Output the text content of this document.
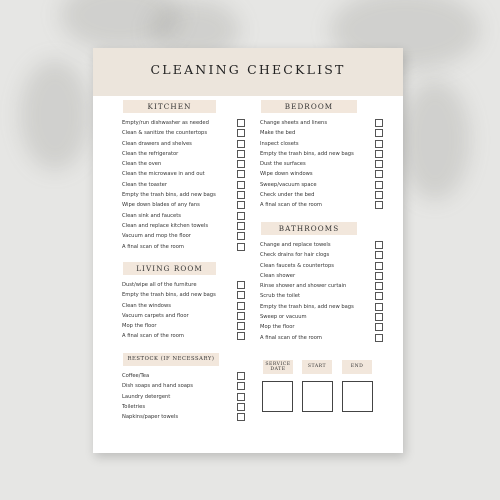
CLEANING CHECKLIST
KITCHEN
Empty/run dishwasher as needed
Clean & sanitize the countertops
Clean drawers and shelves
Clean the refrigerator
Clean the oven
Clean the microwave in and out
Clean the toaster
Empty the trash bins, add new bags
Wipe down blades of any fans
Clean sink and faucets
Clean and replace kitchen towels
Vacuum and mop the floor
A final scan of the room
LIVING ROOM
Dust/wipe all of the furniture
Empty the trash bins, add new bags
Clean the windows
Vacuum carpets and floor
Mop the floor
A final scan of the room
RESTOCK (IF NECESSARY)
Coffee/Tea
Dish soaps and hand soaps
Laundry detergent
Toiletries
Napkins/paper towels
BEDROOM
Change sheets and linens
Make the bed
Inspect closets
Empty the trash bins, add new bags
Dust the surfaces
Wipe down windows
Sweep/vacuum space
Check under the bed
A final scan of the room
BATHROOMS
Change and replace towels
Check drains for hair clogs
Clean faucets & countertops
Clean shower
Rinse shower and shower curtain
Scrub the toilet
Empty the trash bins, add new bags
Sweep or vacuum
Mop the floor
A final scan of the room
SERVICE DATE
START	END
